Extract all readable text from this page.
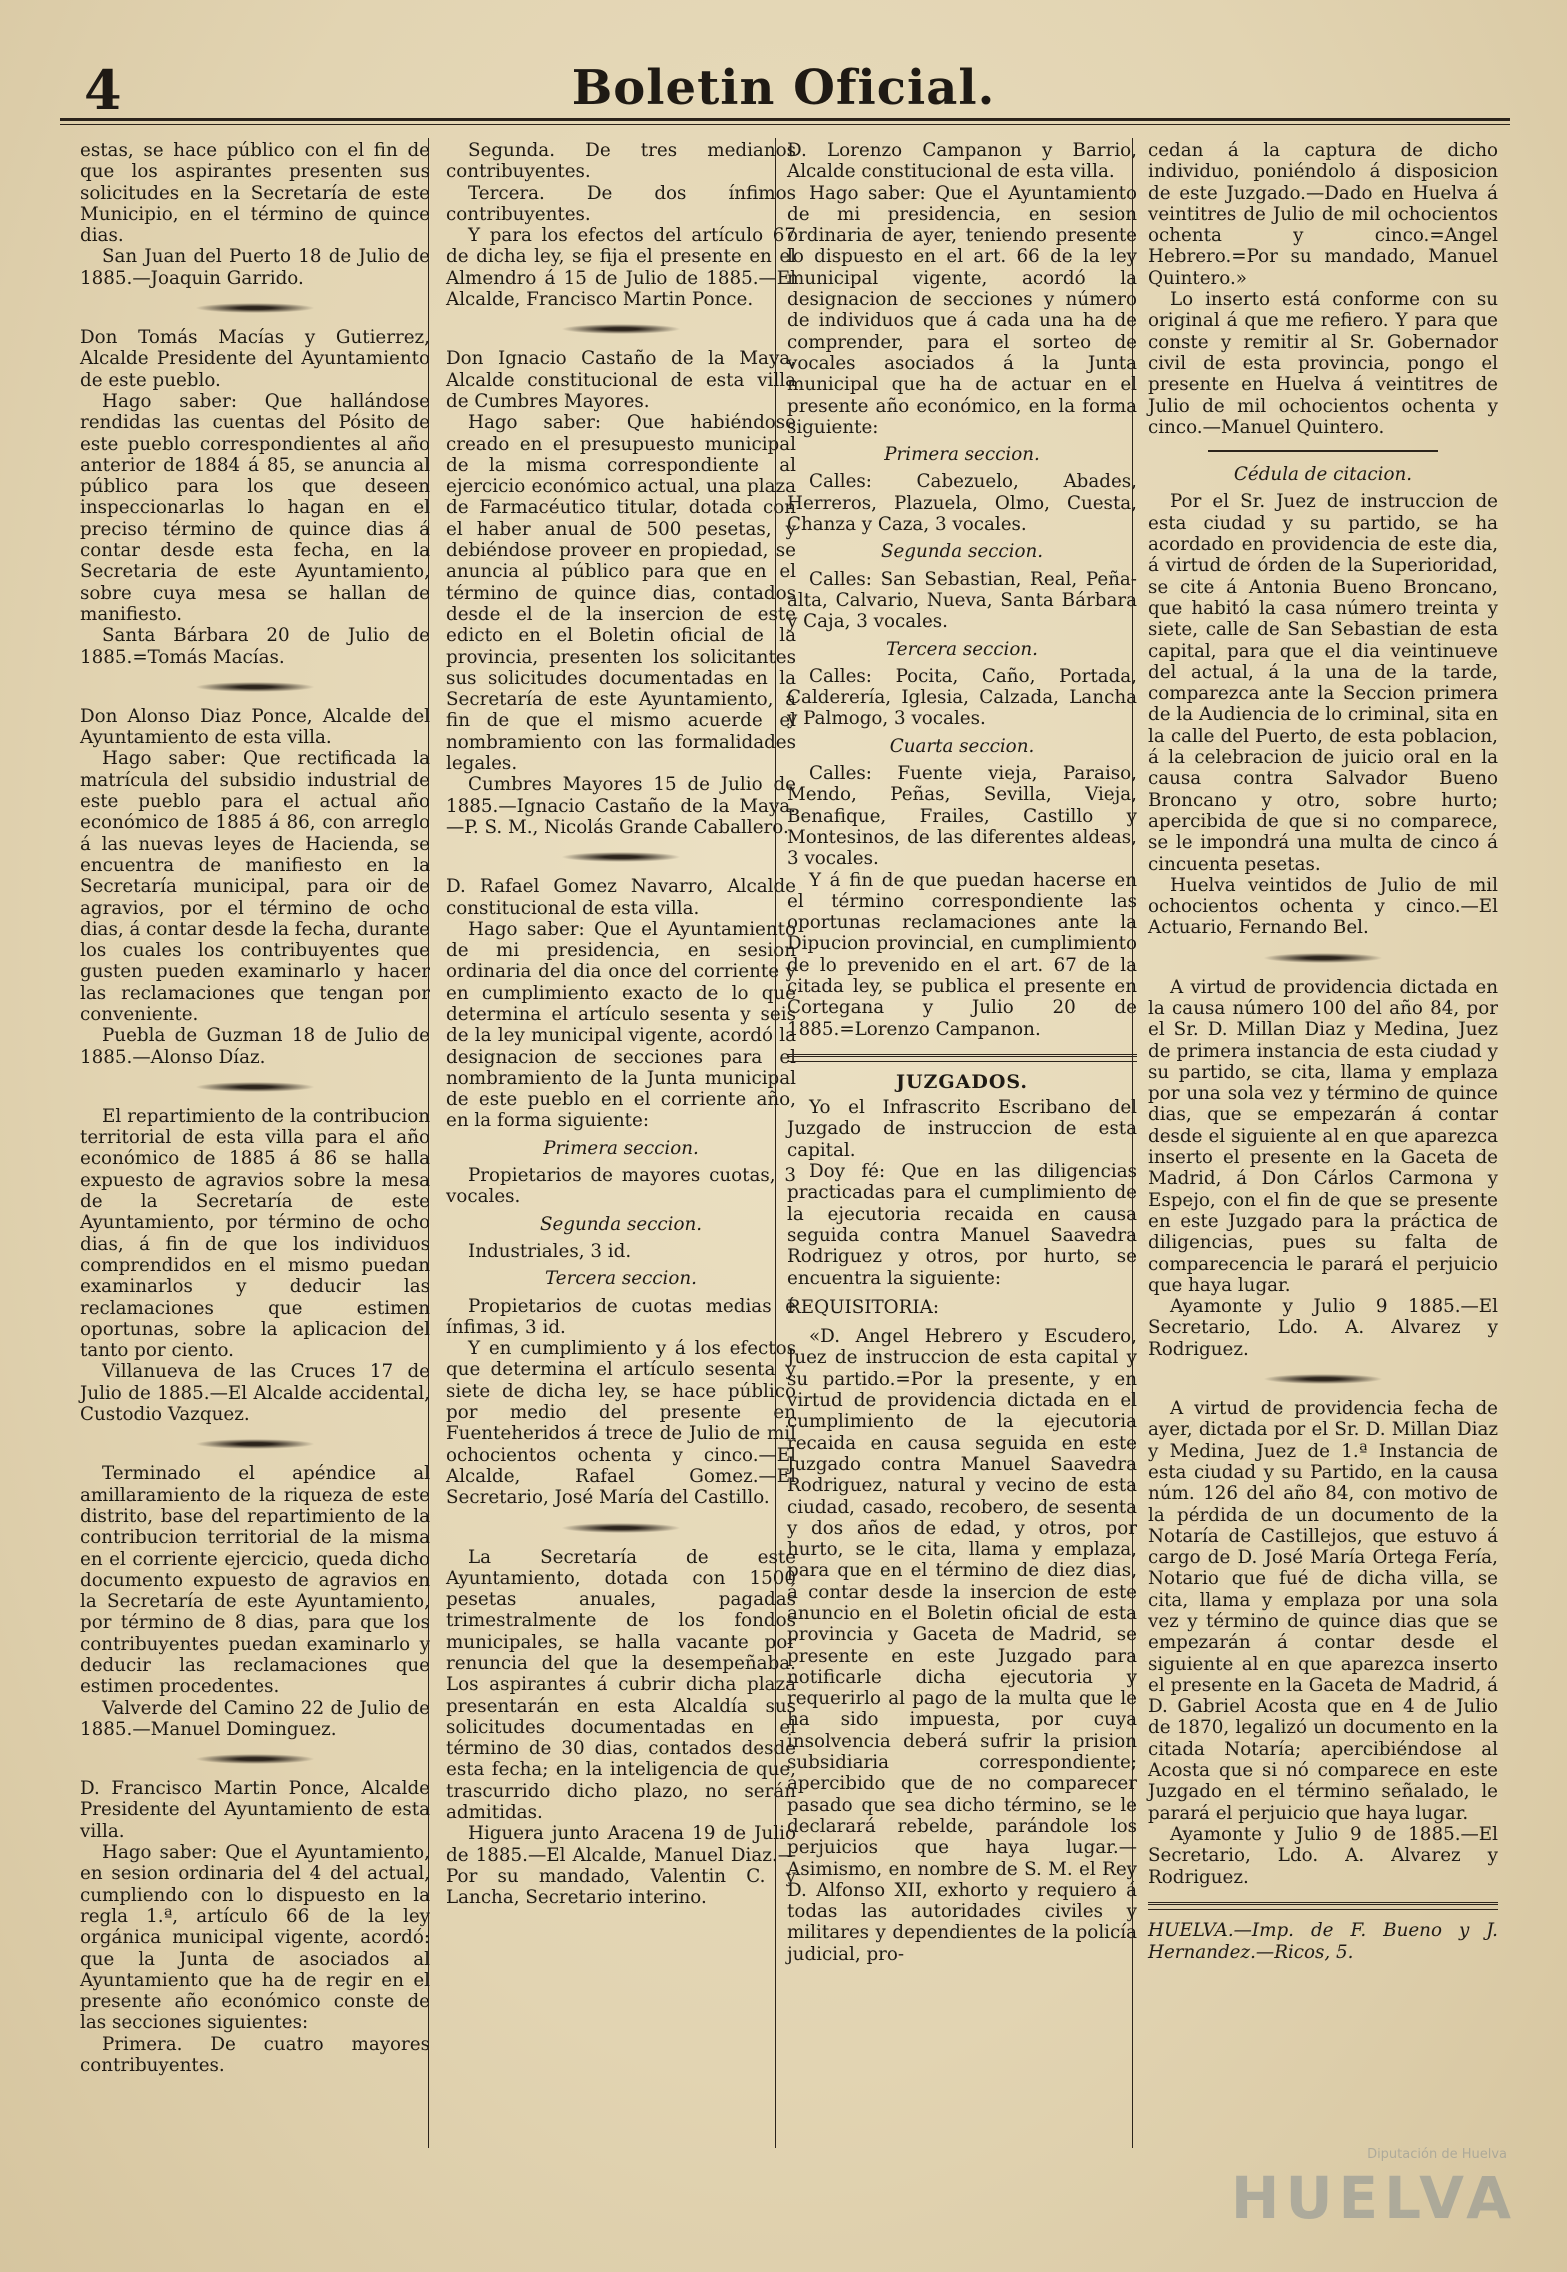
4	Boletin Oficial.

estas, se hace público con el fin de que los aspirantes presenten sus solicitudes en la Secretaría de este Municipio, en el término de quince dias.

San Juan del Puerto 18 de Julio de 1885.—Joaquin Garrido.

Don Tomás Macías y Gutierrez, Alcalde Presidente del Ayuntamiento de este pueblo.

Hago saber: Que hallándose rendidas las cuentas del Pósito de este pueblo correspondientes al año anterior de 1884 á 85, se anuncia al público para los que deseen inspeccionarlas lo hagan en el preciso término de quince dias á contar desde esta fecha, en la Secretaria de este Ayuntamiento, sobre cuya mesa se hallan de manifiesto.

Santa Bárbara 20 de Julio de 1885.=Tomás Macías.

Don Alonso Diaz Ponce, Alcalde del Ayuntamiento de esta villa.

Hago saber: Que rectificada la matrícula del subsidio industrial de este pueblo para el actual año económico de 1885 á 86, con arreglo á las nuevas leyes de Hacienda, se encuentra de manifiesto en la Secretaría municipal, para oir de agravios, por el término de ocho dias, á contar desde la fecha, durante los cuales los contribuyentes que gusten pueden examinarlo y hacer las reclamaciones que tengan por conveniente.

Puebla de Guzman 18 de Julio de 1885.—Alonso Díaz.

El repartimiento de la contribucion territorial de esta villa para el año económico de 1885 á 86 se halla expuesto de agravios sobre la mesa de la Secretaría de este Ayuntamiento, por término de ocho dias, á fin de que los individuos comprendidos en el mismo puedan examinarlos y deducir las reclamaciones que estimen oportunas, sobre la aplicacion del tanto por ciento.

Villanueva de las Cruces 17 de Julio de 1885.—El Alcalde accidental, Custodio Vazquez.

Terminado el apéndice al amillaramiento de la riqueza de este distrito, base del repartimiento de la contribucion territorial de la misma en el corriente ejercicio, queda dicho documento expuesto de agravios en la Secretaría de este Ayuntamiento, por término de 8 dias, para que los contribuyentes puedan examinarlo y deducir las reclamaciones que estimen procedentes.

Valverde del Camino 22 de Julio de 1885.—Manuel Dominguez.

D. Francisco Martin Ponce, Alcalde Presidente del Ayuntamiento de esta villa.

Hago saber: Que el Ayuntamiento, en sesion ordinaria del 4 del actual, cumpliendo con lo dispuesto en la regla 1.ª, artículo 66 de la ley orgánica municipal vigente, acordó: que la Junta de asociados al Ayuntamiento que ha de regir en el presente año económico conste de las secciones siguientes:

Primera. De cuatro mayores contribuyentes.

Segunda. De tres medianos contribuyentes.

Tercera. De dos ínfimos contribuyentes.

Y para los efectos del artículo 67 de dicha ley, se fija el presente en el Almendro á 15 de Julio de 1885.—El Alcalde, Francisco Martin Ponce.

Don Ignacio Castaño de la Maya, Alcalde constitucional de esta villa de Cumbres Mayores.

Hago saber: Que habiéndose creado en el presupuesto municipal de la misma correspondiente al ejercicio económico actual, una plaza de Farmacéutico titular, dotada con el haber anual de 500 pesetas, y debiéndose proveer en propiedad, se anuncia al público para que en el término de quince dias, contados desde el de la insercion de este edicto en el Boletin oficial de la provincia, presenten los solicitantes sus solicitudes documentadas en la Secretaría de este Ayuntamiento, á fin de que el mismo acuerde el nombramiento con las formalidades legales.

Cumbres Mayores 15 de Julio de 1885.—Ignacio Castaño de la Maya.—P. S. M., Nicolás Grande Caballero.

D. Rafael Gomez Navarro, Alcalde constitucional de esta villa.

Hago saber: Que el Ayuntamiento de mi presidencia, en sesion ordinaria del dia once del corriente y en cumplimiento exacto de lo que determina el artículo sesenta y seis de la ley municipal vigente, acordó la designacion de secciones para el nombramiento de la Junta municipal de este pueblo en el corriente año, en la forma siguiente:

Primera seccion.

Propietarios de mayores cuotas, 3 vocales.

Segunda seccion.

Industriales, 3 id.

Tercera seccion.

Propietarios de cuotas medias é ínfimas, 3 id.

Y en cumplimiento y á los efectos que determina el artículo sesenta y siete de dicha ley, se hace público por medio del presente en Fuenteheridos á trece de Julio de mil ochocientos ochenta y cinco.—El Alcalde, Rafael Gomez.—El Secretario, José María del Castillo.

La Secretaría de este Ayuntamiento, dotada con 1500 pesetas anuales, pagadas trimestralmente de los fondos municipales, se halla vacante por renuncia del que la desempeñaba. Los aspirantes á cubrir dicha plaza presentarán en esta Alcaldía sus solicitudes documentadas en el término de 30 dias, contados desde esta fecha; en la inteligencia de que, trascurrido dicho plazo, no serán admitidas.

Higuera junto Aracena 19 de Julio de 1885.—El Alcalde, Manuel Diaz.—Por su mandado, Valentin C. y Lancha, Secretario interino.

D. Lorenzo Campanon y Barrio, Alcalde constitucional de esta villa.

Hago saber: Que el Ayuntamiento de mi presidencia, en sesion ordinaria de ayer, teniendo presente lo dispuesto en el art. 66 de la ley municipal vigente, acordó la designacion de secciones y número de individuos que á cada una ha de comprender, para el sorteo de vocales asociados á la Junta municipal que ha de actuar en el presente año económico, en la forma siguiente:

Primera seccion.

Calles: Cabezuelo, Abades, Herreros, Plazuela, Olmo, Cuesta, Chanza y Caza, 3 vocales.

Segunda seccion.

Calles: San Sebastian, Real, Peña-alta, Calvario, Nueva, Santa Bárbara y Caja, 3 vocales.

Tercera seccion.

Calles: Pocita, Caño, Portada, Calderería, Iglesia, Calzada, Lancha y Palmogo, 3 vocales.

Cuarta seccion.

Calles: Fuente vieja, Paraiso, Mendo, Peñas, Sevilla, Vieja, Benafique, Frailes, Castillo y Montesinos, de las diferentes aldeas, 3 vocales.

Y á fin de que puedan hacerse en el término correspondiente las oportunas reclamaciones ante la Dipucion provincial, en cumplimiento de lo prevenido en el art. 67 de la citada ley, se publica el presente en Cortegana y Julio 20 de 1885.=Lorenzo Campanon.

JUZGADOS.

Yo el Infrascrito Escribano del Juzgado de instruccion de esta capital.

Doy fé: Que en las diligencias practicadas para el cumplimiento de la ejecutoria recaida en causa seguida contra Manuel Saavedra Rodriguez y otros, por hurto, se encuentra la siguiente:

REQUISITORIA:

«D. Angel Hebrero y Escudero, Juez de instruccion de esta capital y su partido.=Por la presente, y en virtud de providencia dictada en el cumplimiento de la ejecutoria recaida en causa seguida en este Juzgado contra Manuel Saavedra Rodriguez, natural y vecino de esta ciudad, casado, recobero, de sesenta y dos años de edad, y otros, por hurto, se le cita, llama y emplaza, para que en el término de diez dias, á contar desde la insercion de este anuncio en el Boletin oficial de esta provincia y Gaceta de Madrid, se presente en este Juzgado para notificarle dicha ejecutoria y requerirlo al pago de la multa que le ha sido impuesta, por cuya insolvencia deberá sufrir la prision subsidiaria correspondiente; apercibido que de no comparecer pasado que sea dicho término, se le declarará rebelde, parándole los perjuicios que haya lugar.—Asimismo, en nombre de S. M. el Rey D. Alfonso XII, exhorto y requiero á todas las autoridades civiles y militares y dependientes de la policía judicial, pro-

cedan á la captura de dicho individuo, poniéndolo á disposicion de este Juzgado.—Dado en Huelva á veintitres de Julio de mil ochocientos ochenta y cinco.=Angel Hebrero.=Por su mandado, Manuel Quintero.»

Lo inserto está conforme con su original á que me refiero. Y para que conste y remitir al Sr. Gobernador civil de esta provincia, pongo el presente en Huelva á veintitres de Julio de mil ochocientos ochenta y cinco.—Manuel Quintero.

Cédula de citacion.

Por el Sr. Juez de instruccion de esta ciudad y su partido, se ha acordado en providencia de este dia, á virtud de órden de la Superioridad, se cite á Antonia Bueno Broncano, que habitó la casa número treinta y siete, calle de San Sebastian de esta capital, para que el dia veintinueve del actual, á la una de la tarde, comparezca ante la Seccion primera de la Audiencia de lo criminal, sita en la calle del Puerto, de esta poblacion, á la celebracion de juicio oral en la causa contra Salvador Bueno Broncano y otro, sobre hurto; apercibida de que si no comparece, se le impondrá una multa de cinco á cincuenta pesetas.

Huelva veintidos de Julio de mil ochocientos ochenta y cinco.—El Actuario, Fernando Bel.

A virtud de providencia dictada en la causa número 100 del año 84, por el Sr. D. Millan Diaz y Medina, Juez de primera instancia de esta ciudad y su partido, se cita, llama y emplaza por una sola vez y término de quince dias, que se empezarán á contar desde el siguiente al en que aparezca inserto el presente en la Gaceta de Madrid, á Don Cárlos Carmona y Espejo, con el fin de que se presente en este Juzgado para la práctica de diligencias, pues su falta de comparecencia le parará el perjuicio que haya lugar.

Ayamonte y Julio 9 1885.—El Secretario, Ldo. A. Alvarez y Rodriguez.

A virtud de providencia fecha de ayer, dictada por el Sr. D. Millan Diaz y Medina, Juez de 1.ª Instancia de esta ciudad y su Partido, en la causa núm. 126 del año 84, con motivo de la pérdida de un documento de la Notaría de Castillejos, que estuvo á cargo de D. José María Ortega Fería, Notario que fué de dicha villa, se cita, llama y emplaza por una sola vez y término de quince dias que se empezarán á contar desde el siguiente al en que aparezca inserto el presente en la Gaceta de Madrid, á D. Gabriel Acosta que en 4 de Julio de 1870, legalizó un documento en la citada Notaría; apercibiéndose al Acosta que si nó comparece en este Juzgado en el término señalado, le parará el perjuicio que haya lugar.

Ayamonte y Julio 9 de 1885.—El Secretario, Ldo. A. Alvarez y Rodriguez.

HUELVA.—Imp. de F. Bueno y J. Hernandez.—Ricos, 5.

Diputación de Huelva
HUELVA
